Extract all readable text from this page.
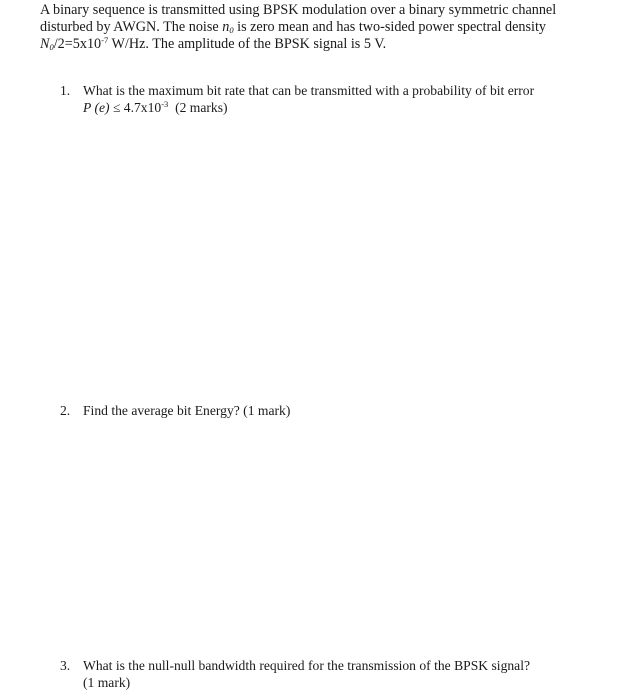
A binary sequence is transmitted using BPSK modulation over a binary symmetric channel
disturbed by AWGN. The noise $n_0$ is zero mean and has two-sided power spectral density
$N_0/2=5x10^{-7}$ W/Hz. The amplitude of the BPSK signal is 5 V.
1. What is the maximum bit rate that can be transmitted with a probability of bit error
P $(e) \le 4.7x10^{-3}$  (2 marks)
2. Find the average bit Energy? (1 mark)
3. What is the null-null bandwidth required for the transmission of the BPSK signal?
(1 mark)
